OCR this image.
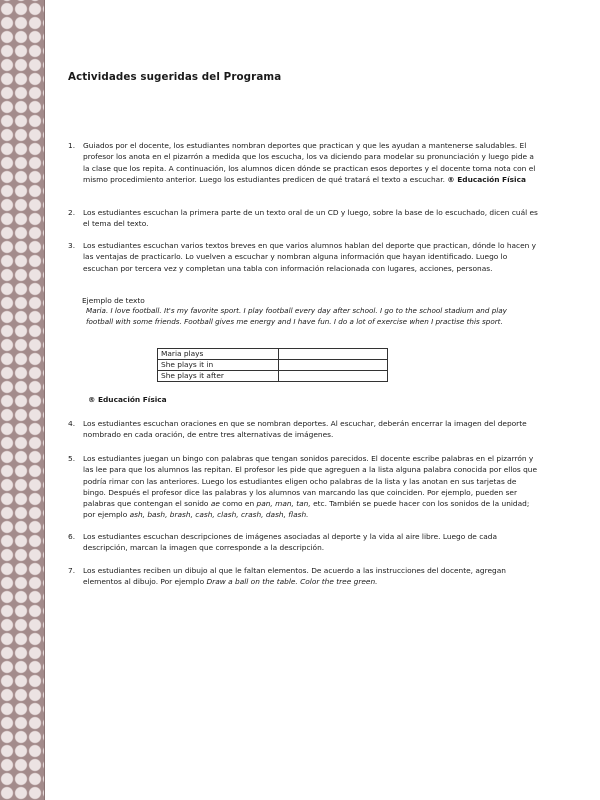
Actividades sugeridas del Programa
1. Guiados por el docente, los estudiantes nombran deportes que practican y que les ayudan a mantenerse saludables. El profesor los anota en el pizarrón a medida que los escucha, los va diciendo para modelar su pronunciación y luego pide a la clase que los repita. A continuación, los alumnos dicen dónde se practican esos deportes y el docente toma nota con el mismo procedimiento anterior. Luego los estudiantes predicen de qué tratará el texto a escuchar. ® Educación Física
2. Los estudiantes escuchan la primera parte de un texto oral de un CD y luego, sobre la base de lo escuchado, dicen cuál es el tema del texto.
3. Los estudiantes escuchan varios textos breves en que varios alumnos hablan del deporte que practican, dónde lo hacen y las ventajas de practicarlo. Lo vuelven a escuchar y nombran alguna información que hayan identificado. Luego lo escuchan por tercera vez y completan una tabla con información relacionada con lugares, acciones, personas.
Ejemplo de texto
Maria. I love football. It's my favorite sport. I play football every day after school. I go to the school stadium and play football with some friends. Football gives me energy and I have fun. I do a lot of exercise when I practise this sport.
Maria plays	
She plays it in	
She plays it after	
® Educación Física
4. Los estudiantes escuchan oraciones en que se nombran deportes. Al escuchar, deberán encerrar la imagen del deporte nombrado en cada oración, de entre tres alternativas de imágenes.
5. Los estudiantes juegan un bingo con palabras que tengan sonidos parecidos. El docente escribe palabras en el pizarrón y las lee para que los alumnos las repitan. El profesor les pide que agreguen a la lista alguna palabra conocida por ellos que podría rimar con las anteriores. Luego los estudiantes eligen ocho palabras de la lista y las anotan en sus tarjetas de bingo. Después el profesor dice las palabras y los alumnos van marcando las que coinciden. Por ejemplo, pueden ser palabras que contengan el sonido ae como en pan, man, tan, etc. También se puede hacer con los sonidos de la unidad; por ejemplo ash, bash, brash, cash, clash, crash, dash, flash.
6. Los estudiantes escuchan descripciones de imágenes asociadas al deporte y la vida al aire libre. Luego de cada descripción, marcan la imagen que corresponde a la descripción.
7. Los estudiantes reciben un dibujo al que le faltan elementos. De acuerdo a las instrucciones del docente, agregan elementos al dibujo. Por ejemplo Draw a ball on the table. Color the tree green.
